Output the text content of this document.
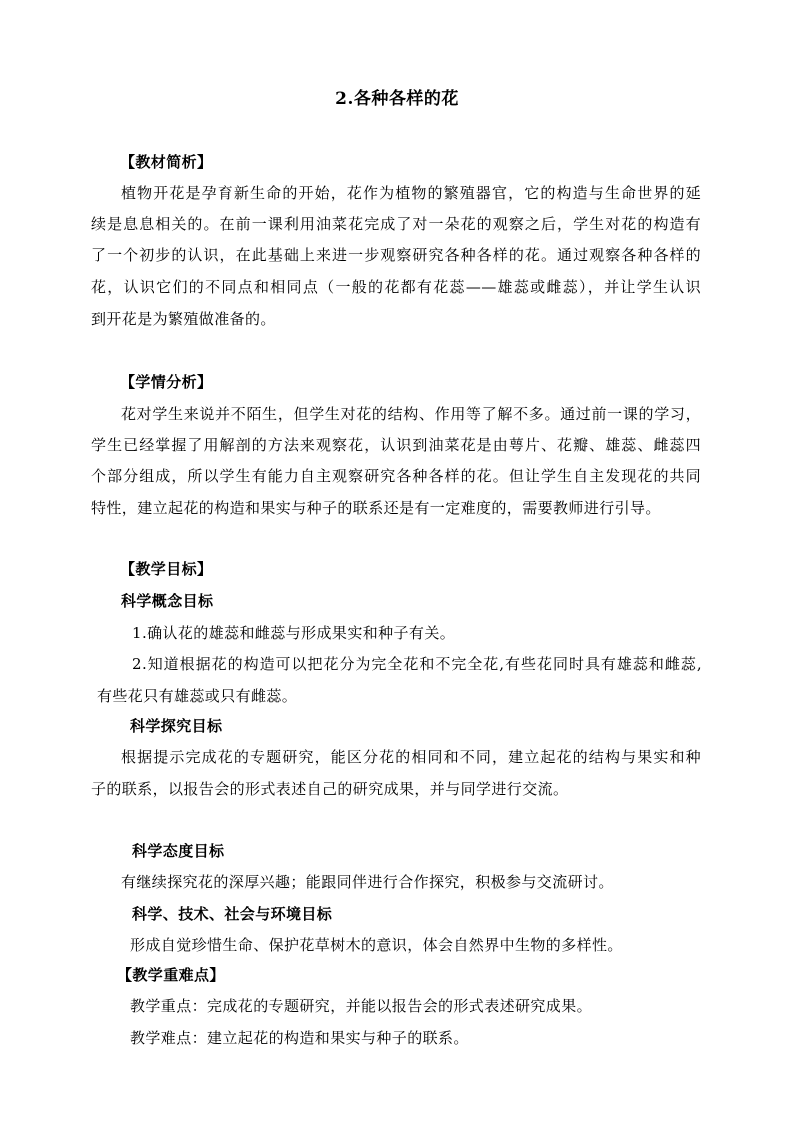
2.各种各样的花
【教材简析】
植物开花是孕育新生命的开始，花作为植物的繁殖器官，它的构造与生命世界的延
续是息息相关的。在前一课利用油菜花完成了对一朵花的观察之后，学生对花的构造有
了一个初步的认识，在此基础上来进一步观察研究各种各样的花。通过观察各种各样的
花，认识它们的不同点和相同点（一般的花都有花蕊——雄蕊或雌蕊），并让学生认识
到开花是为繁殖做准备的。
【学情分析】
花对学生来说并不陌生，但学生对花的结构、作用等了解不多。通过前一课的学习，
学生已经掌握了用解剖的方法来观察花，认识到油菜花是由萼片、花瓣、雄蕊、雌蕊四
个部分组成，所以学生有能力自主观察研究各种各样的花。但让学生自主发现花的共同
特性，建立起花的构造和果实与种子的联系还是有一定难度的，需要教师进行引导。
【教学目标】
科学概念目标
1.确认花的雄蕊和雌蕊与形成果实和种子有关。
2.知道根据花的构造可以把花分为完全花和不完全花,有些花同时具有雄蕊和雌蕊,
有些花只有雄蕊或只有雌蕊。
科学探究目标
根据提示完成花的专题研究，能区分花的相同和不同，建立起花的结构与果实和种
子的联系，以报告会的形式表述自己的研究成果，并与同学进行交流。
科学态度目标
有继续探究花的深厚兴趣；能跟同伴进行合作探究，积极参与交流研讨。
科学、技术、社会与环境目标
形成自觉珍惜生命、保护花草树木的意识，体会自然界中生物的多样性。
【教学重难点】
教学重点：完成花的专题研究，并能以报告会的形式表述研究成果。
教学难点：建立起花的构造和果实与种子的联系。
